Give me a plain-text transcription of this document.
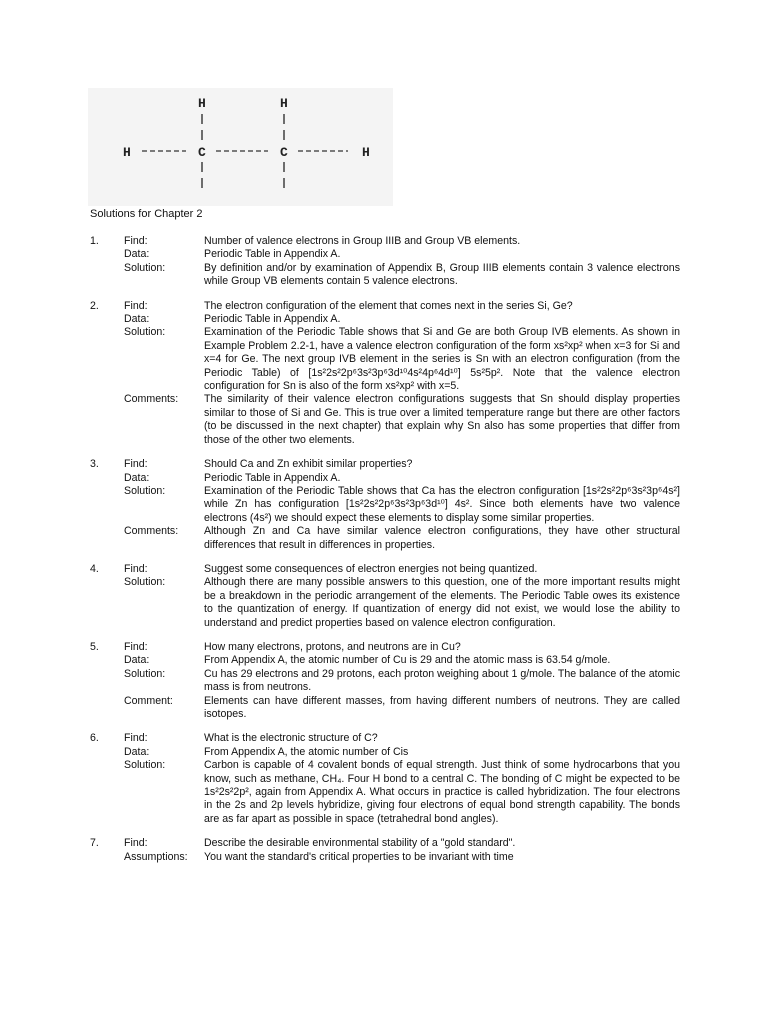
H	H
H	C	C	H
Solutions for Chapter 2
1.	Find:	Number of valence electrons in Group IIIB and Group VB elements.
Data:	Periodic Table in Appendix A.
Solution:	By definition and/or by examination of Appendix B, Group IIIB elements contain 3 valence electrons while Group VB elements contain 5 valence electrons.
2.	Find:	The electron configuration of the element that comes next in the series Si, Ge?
Data:	Periodic Table in Appendix A.
Solution:	Examination of the Periodic Table shows that Si and Ge are both Group IVB elements. As shown in Example Problem 2.2-1, have a valence electron configuration of the form xs²xp² when x=3 for Si and x=4 for Ge. The next group IVB element in the series is Sn with an electron configuration (from the Periodic Table) of [1s²2s²2p⁶3s²3p⁶3d¹⁰4s²4p⁶4d¹⁰] 5s²5p². Note that the valence electron configuration for Sn is also of the form xs²xp² with x=5.
Comments:	The similarity of their valence electron configurations suggests that Sn should display properties similar to those of Si and Ge. This is true over a limited temperature range but there are other factors (to be discussed in the next chapter) that explain why Sn also has some properties that differ from those of the other two elements.
3.	Find:	Should Ca and Zn exhibit similar properties?
Data:	Periodic Table in Appendix A.
Solution:	Examination of the Periodic Table shows that Ca has the electron configuration [1s²2s²2p⁶3s²3p⁶4s²] while Zn has configuration [1s²2s²2p⁶3s²3p⁶3d¹⁰] 4s². Since both elements have two valence electrons (4s²) we should expect these elements to display some similar properties.
Comments:	Although Zn and Ca have similar valence electron configurations, they have other structural differences that result in differences in properties.
4.	Find:	Suggest some consequences of electron energies not being quantized.
Solution:	Although there are many possible answers to this question, one of the more important results might be a breakdown in the periodic arrangement of the elements. The Periodic Table owes its existence to the quantization of energy. If quantization of energy did not exist, we would lose the ability to understand and predict properties based on valence electron configuration.
5.	Find:	How many electrons, protons, and neutrons are in Cu?
Data:	From Appendix A, the atomic number of Cu is 29 and the atomic mass is 63.54 g/mole.
Solution:	Cu has 29 electrons and 29 protons, each proton weighing about 1 g/mole. The balance of the atomic mass is from neutrons.
Comment:	Elements can have different masses, from having different numbers of neutrons. They are called isotopes.
6.	Find:	What is the electronic structure of C?
Data:	From Appendix A, the atomic number of Cis
Solution:	Carbon is capable of 4 covalent bonds of equal strength. Just think of some hydrocarbons that you know, such as methane, CH₄. Four H bond to a central C. The bonding of C might be expected to be 1s²2s²2p², again from Appendix A. What occurs in practice is called hybridization. The four electrons in the 2s and 2p levels hybridize, giving four electrons of equal bond strength capability. The bonds are as far apart as possible in space (tetrahedral bond angles).
7.	Find:	Describe the desirable environmental stability of a "gold standard".
Assumptions:	You want the standard's critical properties to be invariant with time
